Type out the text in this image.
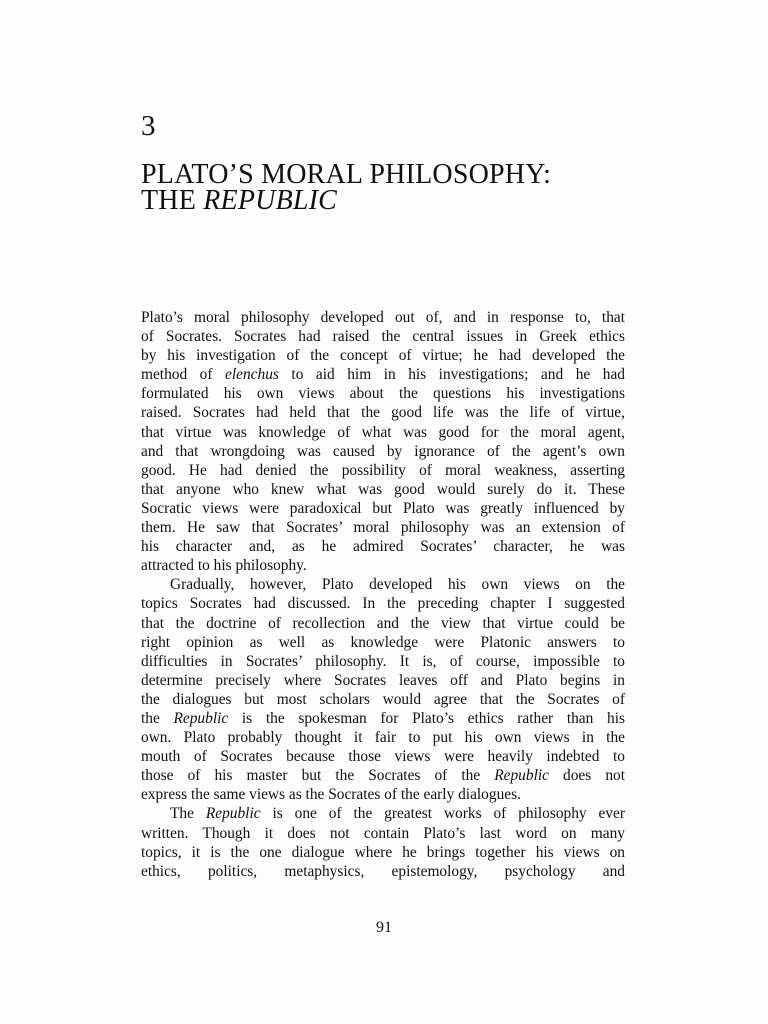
3
PLATO’S MORAL PHILOSOPHY:
THE REPUBLIC
Plato’s moral philosophy developed out of, and in response to, that
of Socrates. Socrates had raised the central issues in Greek ethics
by his investigation of the concept of virtue; he had developed the
method of elenchus to aid him in his investigations; and he had
formulated his own views about the questions his investigations
raised. Socrates had held that the good life was the life of virtue,
that virtue was knowledge of what was good for the moral agent,
and that wrongdoing was caused by ignorance of the agent’s own
good. He had denied the possibility of moral weakness, asserting
that anyone who knew what was good would surely do it. These
Socratic views were paradoxical but Plato was greatly influenced by
them. He saw that Socrates’ moral philosophy was an extension of
his character and, as he admired Socrates’ character, he was
attracted to his philosophy.
Gradually, however, Plato developed his own views on the
topics Socrates had discussed. In the preceding chapter I suggested
that the doctrine of recollection and the view that virtue could be
right opinion as well as knowledge were Platonic answers to
difficulties in Socrates’ philosophy. It is, of course, impossible to
determine precisely where Socrates leaves off and Plato begins in
the dialogues but most scholars would agree that the Socrates of
the Republic is the spokesman for Plato’s ethics rather than his
own. Plato probably thought it fair to put his own views in the
mouth of Socrates because those views were heavily indebted to
those of his master but the Socrates of the Republic does not
express the same views as the Socrates of the early dialogues.
The Republic is one of the greatest works of philosophy ever
written. Though it does not contain Plato’s last word on many
topics, it is the one dialogue where he brings together his views on
ethics, politics, metaphysics, epistemology, psychology and
91
